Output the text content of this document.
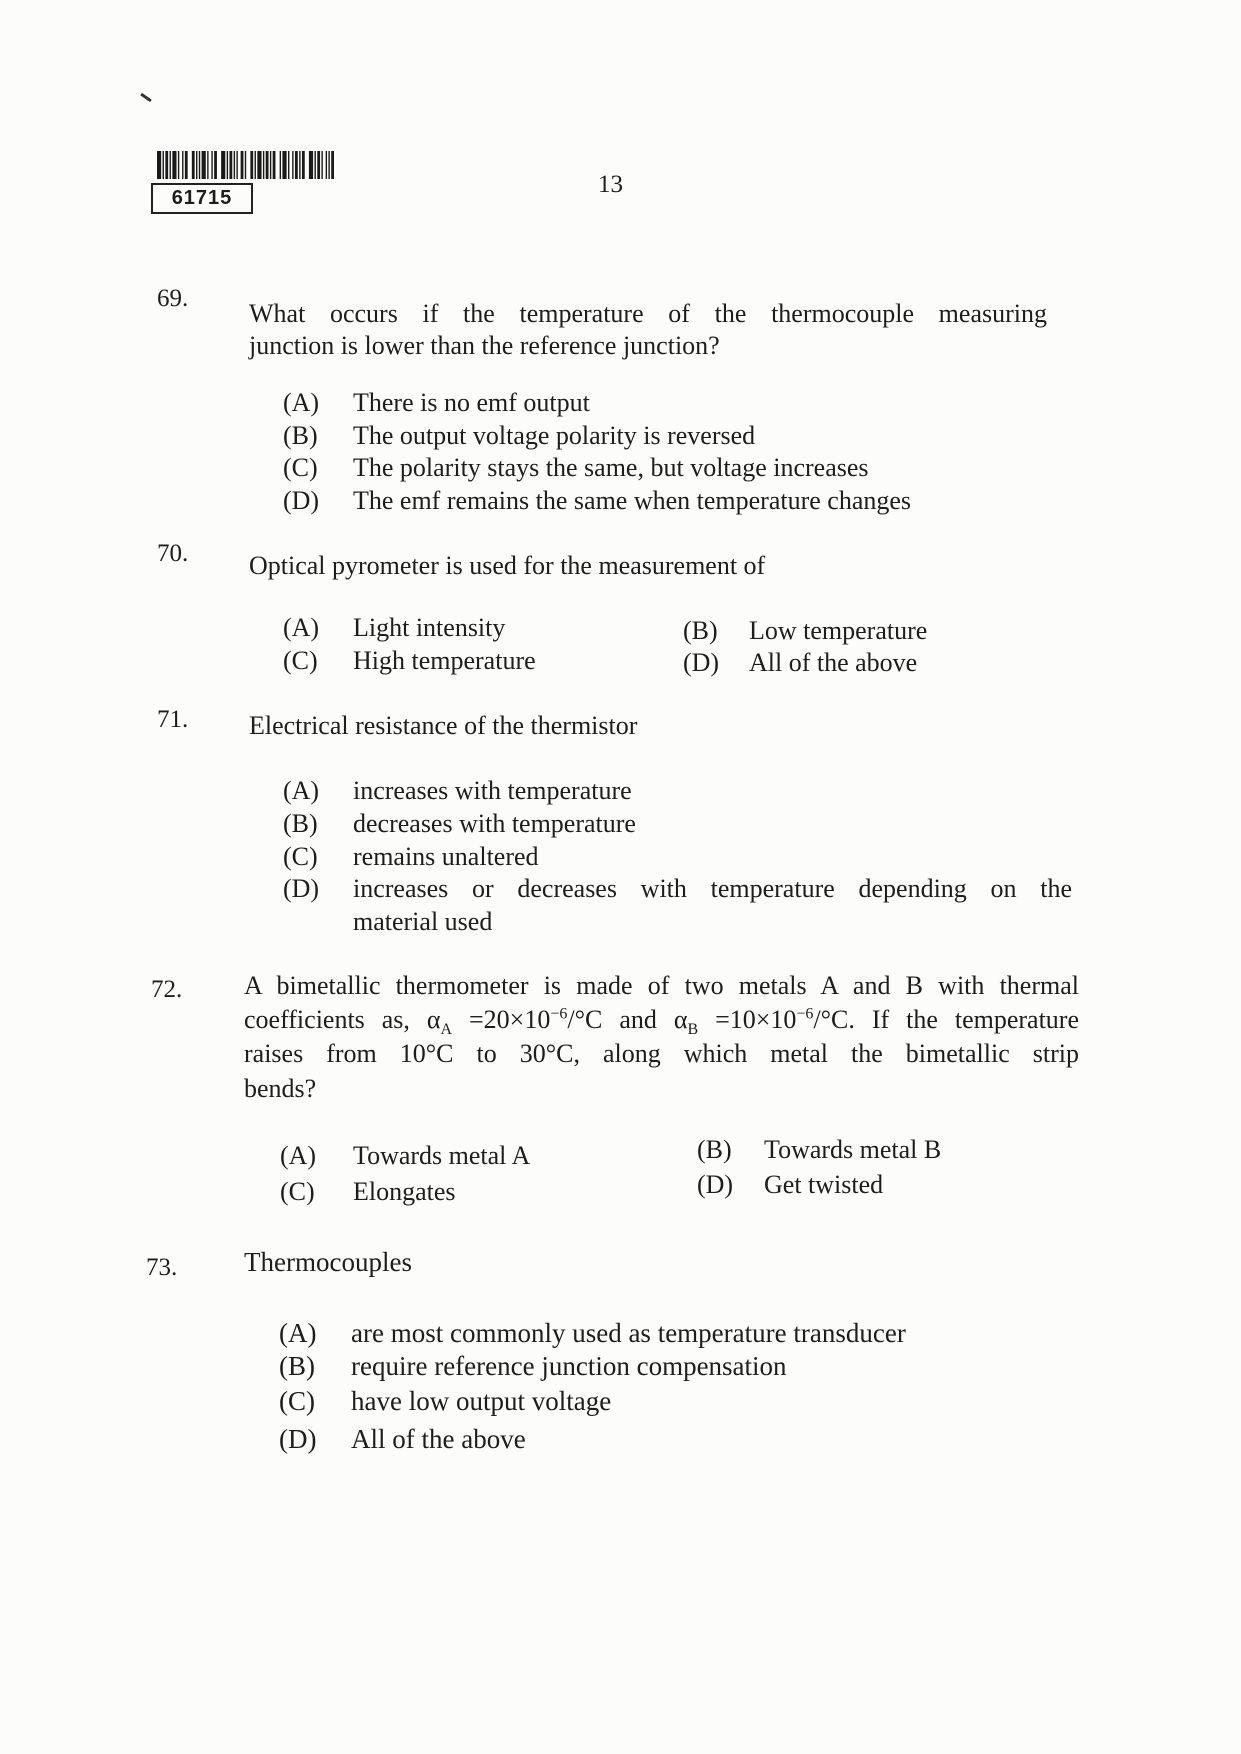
61715	13
69.
What occurs if the temperature of the thermocouple measuring
junction is lower than the reference junction?
(A) There is no emf output
(B) The output voltage polarity is reversed
(C) The polarity stays the same, but voltage increases
(D) The emf remains the same when temperature changes
70. Optical pyrometer is used for the measurement of
(A) Light intensity	(B) Low temperature
(C) High temperature	(D) All of the above
71. Electrical resistance of the thermistor
(A) increases with temperature
(B) decreases with temperature
(C) remains unaltered
(D) increases or decreases with temperature depending on the
material used
72. A bimetallic thermometer is made of two metals A and B with thermal
coefficients as, $\alpha_A =20\times 10^{-6}/^\circ C$ and $\alpha_B =10\times 10^{-6}/^\circ C$. If the temperature
raises from 10°C to 30°C, along which metal the bimetallic strip
bends?
(A) Towards metal A	(B) Towards metal B
(C) Elongates	(D) Get twisted
73. Thermocouples
(A) are most commonly used as temperature transducer
(B) require reference junction compensation
(C) have low output voltage
(D) All of the above
